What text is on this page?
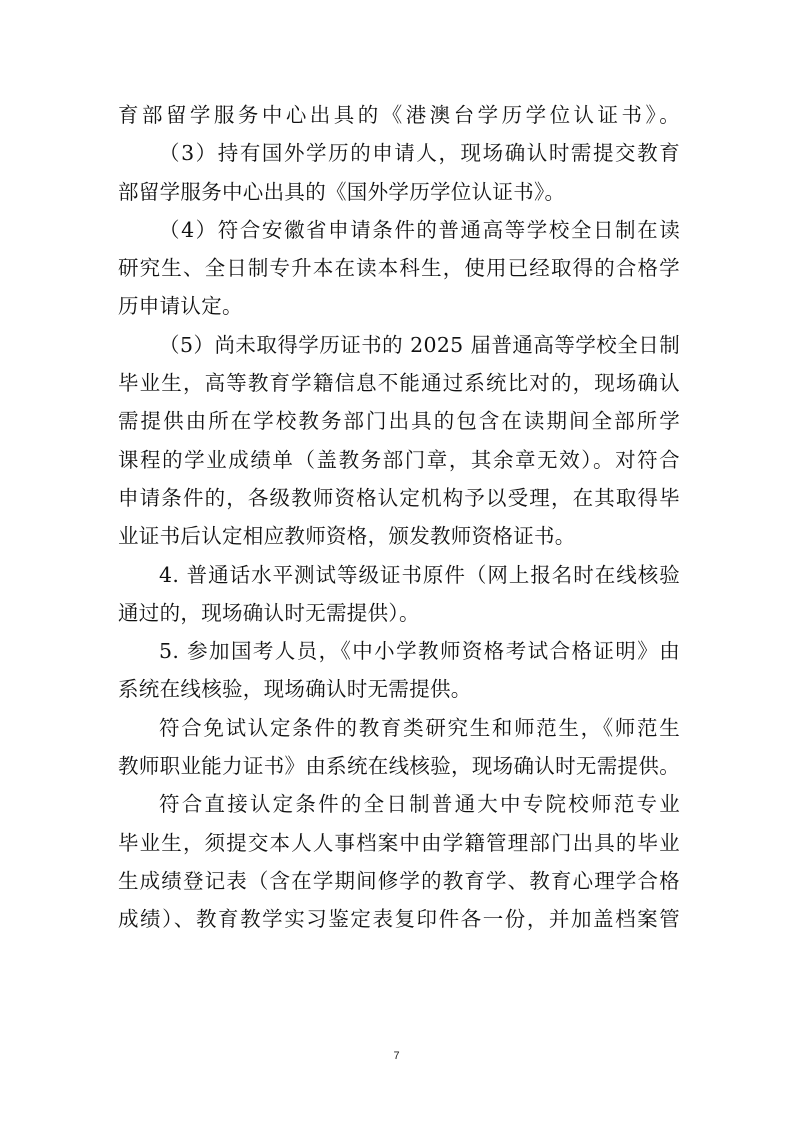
育部留学服务中心出具的《港澳台学历学位认证书》。
（3）持有国外学历的申请人，现场确认时需提交教育
部留学服务中心出具的《国外学历学位认证书》。
（4）符合安徽省申请条件的普通高等学校全日制在读
研究生、全日制专升本在读本科生，使用已经取得的合格学
历申请认定。
（5）尚未取得学历证书的 2025 届普通高等学校全日制
毕业生，高等教育学籍信息不能通过系统比对的，现场确认
需提供由所在学校教务部门出具的包含在读期间全部所学
课程的学业成绩单（盖教务部门章，其余章无效）。对符合
申请条件的，各级教师资格认定机构予以受理，在其取得毕
业证书后认定相应教师资格，颁发教师资格证书。
4. 普通话水平测试等级证书原件（网上报名时在线核验
通过的，现场确认时无需提供）。
5. 参加国考人员，《中小学教师资格考试合格证明》由
系统在线核验，现场确认时无需提供。
符合免试认定条件的教育类研究生和师范生，《师范生
教师职业能力证书》由系统在线核验，现场确认时无需提供。
符合直接认定条件的全日制普通大中专院校师范专业
毕业生，须提交本人人事档案中由学籍管理部门出具的毕业
生成绩登记表（含在学期间修学的教育学、教育心理学合格
成绩）、教育教学实习鉴定表复印件各一份，并加盖档案管
7
